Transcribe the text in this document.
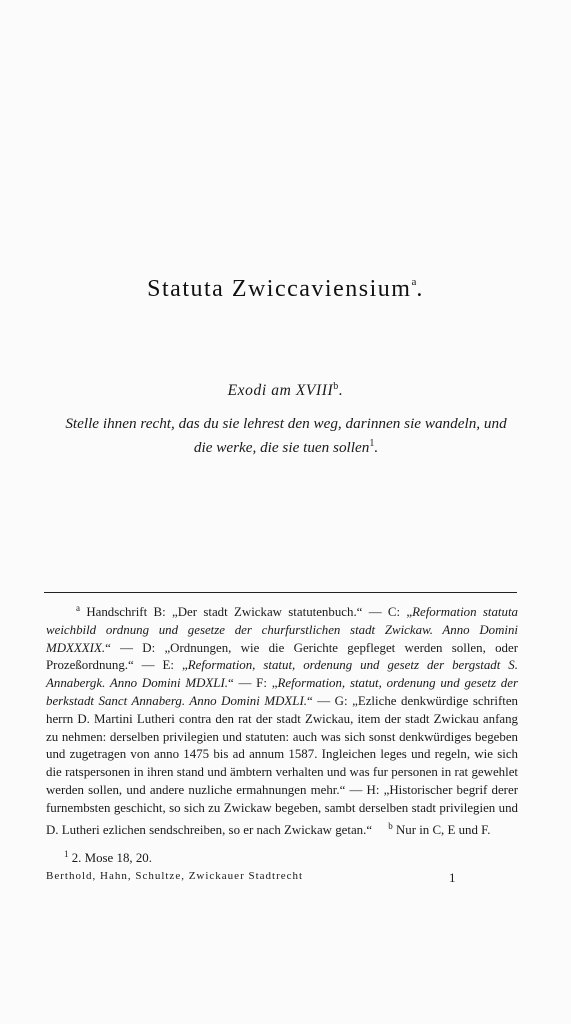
Statuta Zwiccaviensium$^a$.
Exodi am XVIII$^b$.
Stelle ihnen recht, das du sie lehrest den weg, darinnen sie wandeln, und
die werke, die sie tuen sollen$^1$.

$^a$ Handschrift B: „Der stadt Zwickaw statutenbuch.“ — C: „Reformation statuta weichbild ordnung und gesetze der churfurstlichen stadt Zwickaw. Anno Domini MDXXXIX.“ — D: „Ordnungen, wie die Gerichte gepfleget werden sollen, oder Prozeßordnung.“ — E: „Reformation, statut, ordenung und gesetz der bergstadt S. Annabergk. Anno Domini MDXLI.“ — F: „Reformation, statut, ordenung und gesetz der berkstadt Sanct Annaberg. Anno Domini MDXLI.“ — G: „Ezliche denkwürdige schriften herrn D. Martini Lutheri contra den rat der stadt Zwickau, item der stadt Zwickau anfang zu nehmen: derselben privilegien und statuten: auch was sich sonst denkwürdiges begeben und zugetragen von anno 1475 bis ad annum 1587. Ingleichen leges und regeln, wie sich die ratspersonen in ihren stand und ämbtern verhalten und was fur personen in rat gewehlet werden sollen, und andere nuzliche ermahnungen mehr.“ — H: „Historischer begrif derer furnembsten geschicht, so sich zu Zwickaw begeben, sambt derselben stadt privilegien und D. Lutheri ezlichen sendschreiben, so er nach Zwickaw getan.“ $^b$ Nur in C, E und F.

$^1$ 2. Mose 18, 20.
Berthold, Hahn, Schultze, Zwickauer Stadtrecht	1
